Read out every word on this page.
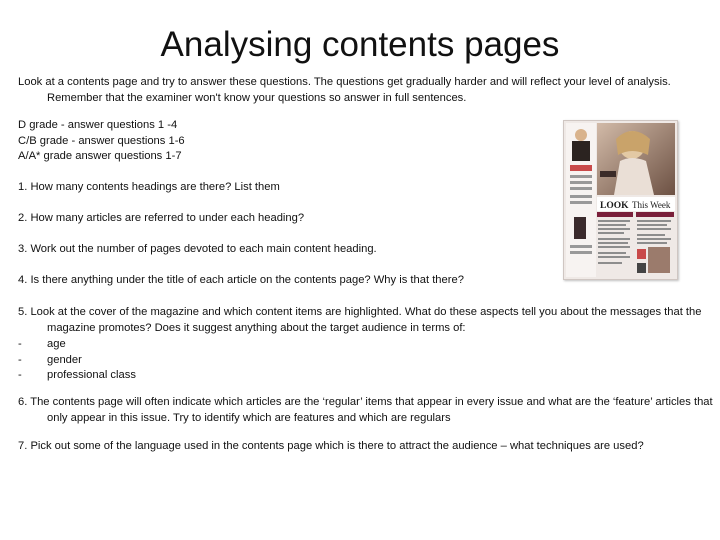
Analysing contents pages

Look at a contents page and try to answer these questions. The questions get gradually harder and will reflect your level of analysis. Remember that the examiner won't know your questions so answer in full sentences.

D grade - answer questions 1 -4
C/B grade - answer questions 1-6
A/A* grade answer questions 1-7

1. How many contents headings are there? List them

2. How many articles are referred to under each heading?

3. Work out the number of pages devoted to each main content heading.

4. Is there anything under the title of each article on the contents page? Why is that there?

5. Look at the cover of the magazine and which content items are highlighted. What do these aspects tell you about the messages that the magazine promotes? Does it suggest anything about the target audience in terms of:

-	age
-	gender
-	professional class

6. The contents page will often indicate which articles are the ‘regular’ items that appear in every issue and what are the ‘feature’ articles that only appear in this issue. Try to identify which are features and which are regulars

7. Pick out some of the language used in the contents page which is there to attract the audience – what techniques are used?

LOOK This Week
